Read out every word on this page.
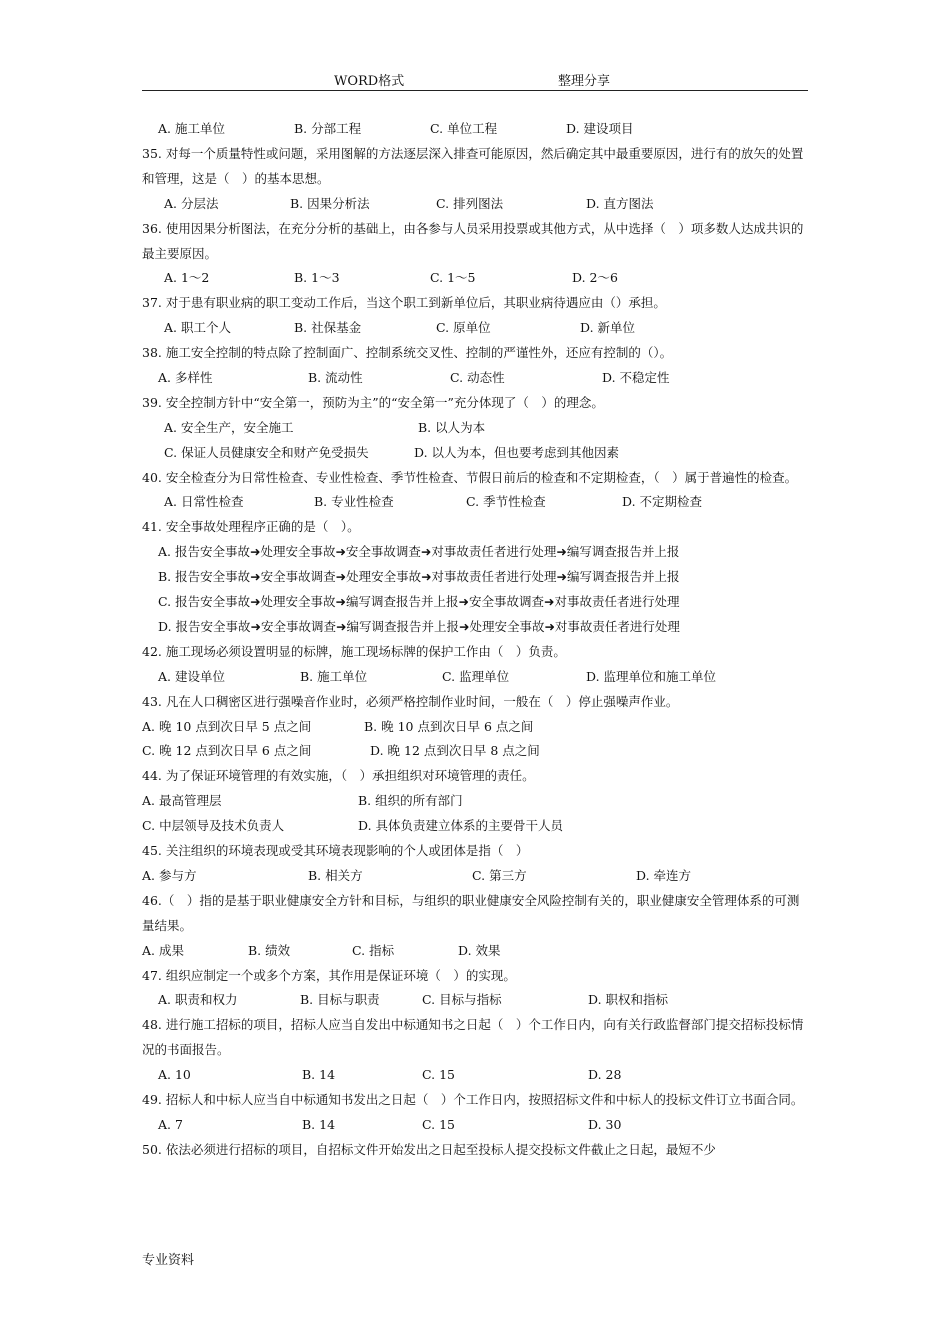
WORD格式	整理分享
A. 施工单位	B. 分部工程	C. 单位工程	D. 建设项目
35. 对每一个质量特性或问题，采用图解的方法逐层深入排查可能原因，然后确定其中最重要原因，进行有的放矢的处置和管理，这是（　）的基本思想。
A. 分层法	B. 因果分析法	C. 排列图法	D. 直方图法
36. 使用因果分析图法，在充分分析的基础上，由各参与人员采用投票或其他方式，从中选择（　）项多数人达成共识的最主要原因。
A. 1～2	B. 1～3	C. 1～5	D. 2～6
37. 对于患有职业病的职工变动工作后，当这个职工到新单位后，其职业病待遇应由（）承担。
A. 职工个人	B. 社保基金	C. 原单位	D. 新单位
38. 施工安全控制的特点除了控制面广、控制系统交叉性、控制的严谨性外，还应有控制的（）。
A. 多样性	B. 流动性	C. 动态性	D. 不稳定性
39. 安全控制方针中“安全第一，预防为主”的“安全第一”充分体现了（　）的理念。
A. 安全生产，安全施工	B. 以人为本
C. 保证人员健康安全和财产免受损失	D. 以人为本，但也要考虑到其他因素
40. 安全检查分为日常性检查、专业性检查、季节性检查、节假日前后的检查和不定期检查，（　）属于普遍性的检查。
A. 日常性检查	B. 专业性检查	C. 季节性检查	D. 不定期检查
41. 安全事故处理程序正确的是（　）。
A. 报告安全事故➜处理安全事故➜安全事故调查➜对事故责任者进行处理➜编写调查报告并上报
B. 报告安全事故➜安全事故调查➜处理安全事故➜对事故责任者进行处理➜编写调查报告并上报
C. 报告安全事故➜处理安全事故➜编写调查报告并上报➜安全事故调查➜对事故责任者进行处理
D. 报告安全事故➜安全事故调查➜编写调查报告并上报➜处理安全事故➜对事故责任者进行处理
42. 施工现场必须设置明显的标牌，施工现场标牌的保护工作由（　）负责。
A. 建设单位	B. 施工单位	C. 监理单位	D. 监理单位和施工单位
43. 凡在人口稠密区进行强噪音作业时，必须严格控制作业时间，一般在（　）停止强噪声作业。
A. 晚 10 点到次日早 5 点之间	B. 晚 10 点到次日早 6 点之间
C. 晚 12 点到次日早 6 点之间	D. 晚 12 点到次日早 8 点之间
44. 为了保证环境管理的有效实施，（　）承担组织对环境管理的责任。
A. 最高管理层	B. 组织的所有部门
C. 中层领导及技术负责人	D. 具体负责建立体系的主要骨干人员
45. 关注组织的环境表现或受其环境表现影响的个人或团体是指（　）
A. 参与方	B. 相关方	C. 第三方	D. 牵连方
46.（　）指的是基于职业健康安全方针和目标，与组织的职业健康安全风险控制有关的，职业健康安全管理体系的可测量结果。
A. 成果	B. 绩效	C. 指标	D. 效果
47. 组织应制定一个或多个方案，其作用是保证环境（　）的实现。
A. 职责和权力	B. 目标与职责	C. 目标与指标	D. 职权和指标
48. 进行施工招标的项目，招标人应当自发出中标通知书之日起（　）个工作日内，向有关行政监督部门提交招标投标情况的书面报告。
A. 10	B. 14	C. 15	D. 28
49. 招标人和中标人应当自中标通知书发出之日起（　）个工作日内，按照招标文件和中标人的投标文件订立书面合同。
A. 7	B. 14	C. 15	D. 30
50. 依法必须进行招标的项目，自招标文件开始发出之日起至投标人提交投标文件截止之日起，最短不少
专业资料
